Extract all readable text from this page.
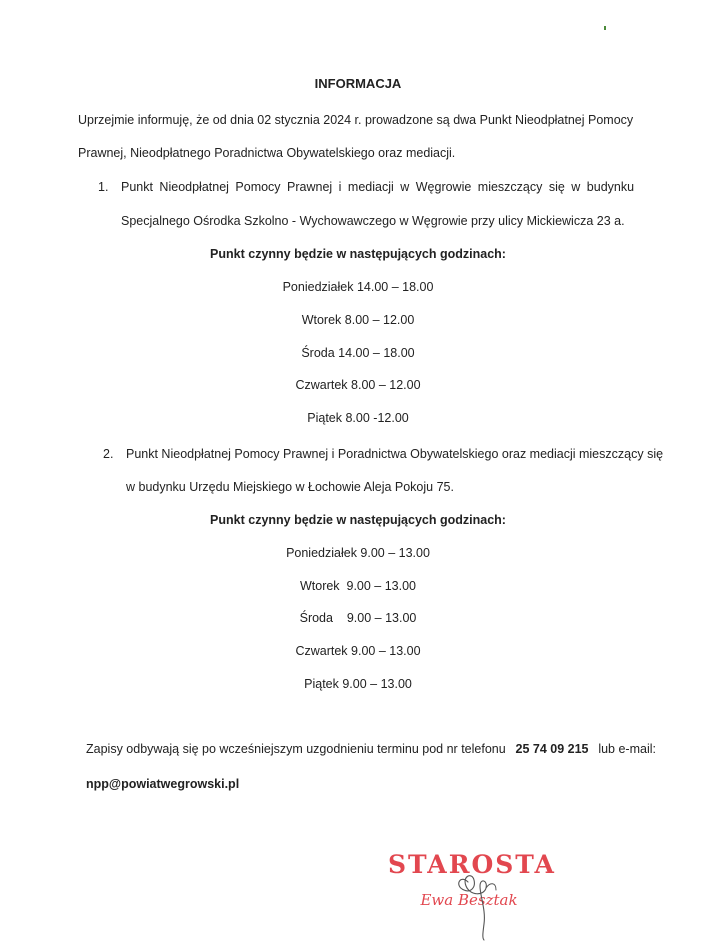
INFORMACJA
Uprzejmie informuję, że od dnia 02 stycznia 2024 r. prowadzone są dwa Punkt Nieodpłatnej Pomocy
Prawnej, Nieodpłatnego Poradnictwa Obywatelskiego oraz mediacji.
1. Punkt Nieodpłatnej Pomocy Prawnej i mediacji w Węgrowie mieszczący się w budynku
Specjalnego Ośrodka Szkolno - Wychowawczego w Węgrowie przy ulicy Mickiewicza 23 a.
Punkt czynny będzie w następujących godzinach:
Poniedziałek 14.00 – 18.00
Wtorek 8.00 – 12.00
Środa 14.00 – 18.00
Czwartek 8.00 – 12.00
Piątek 8.00 -12.00
2. Punkt Nieodpłatnej Pomocy Prawnej i Poradnictwa Obywatelskiego oraz mediacji mieszczący się
w budynku Urzędu Miejskiego w Łochowie Aleja Pokoju 75.
Punkt czynny będzie w następujących godzinach:
Poniedziałek 9.00 – 13.00
Wtorek  9.00 – 13.00
Środa    9.00 – 13.00
Czwartek 9.00 – 13.00
Piątek 9.00 – 13.00
Zapisy odbywają się po wcześniejszym uzgodnieniu terminu pod nr telefonu 25 74 09 215 lub e-mail:
npp@powiatwegrowski.pl
STAROSTA
Ewa Besztak
